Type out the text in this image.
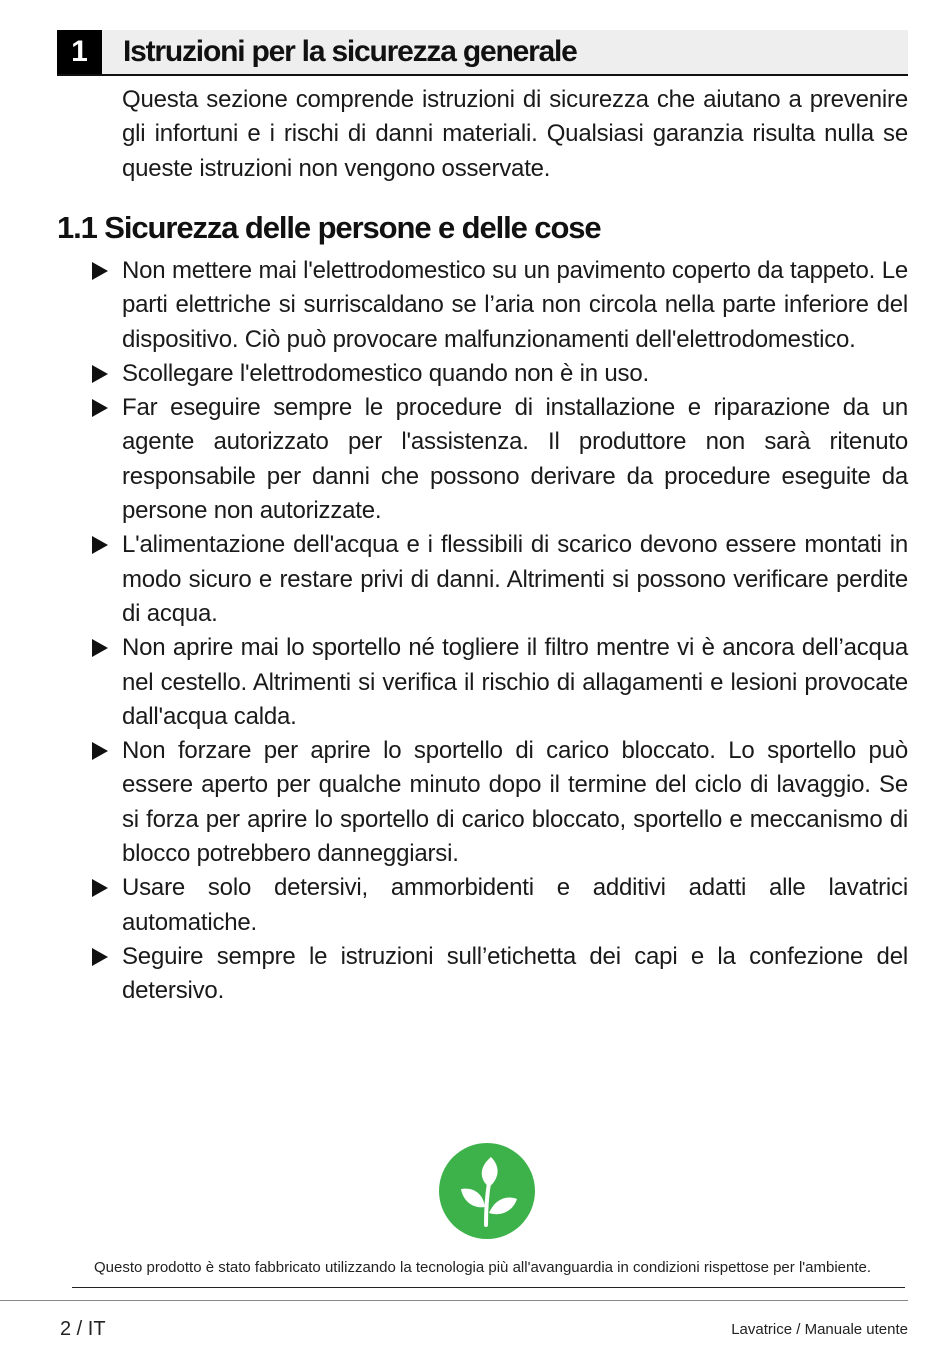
1	Istruzioni per la sicurezza generale

Questa sezione comprende istruzioni di sicurezza che aiutano a prevenire gli infortuni e i rischi di danni materiali. Qualsiasi garanzia risulta nulla se queste istruzioni non vengono osservate.

1.1 Sicurezza delle persone e delle cose
Non mettere mai l'elettrodomestico su un pavimento coperto da tappeto. Le parti elettriche si surriscaldano se l’aria non circola nella parte inferiore del dispositivo. Ciò può provocare malfunzionamenti dell'elettrodomestico.
Scollegare l'elettrodomestico quando non è in uso.
Far eseguire sempre le procedure di installazione e riparazione da un agente autorizzato per l'assistenza. Il produttore non sarà ritenuto responsabile per danni che possono derivare da procedure eseguite da persone non autorizzate.
L'alimentazione dell'acqua e i flessibili di scarico devono essere montati in modo sicuro e restare privi di danni. Altrimenti si possono verificare perdite di acqua.
Non aprire mai lo sportello né togliere il filtro mentre vi è ancora dell’acqua nel cestello. Altrimenti si verifica il rischio di allagamenti e lesioni provocate dall'acqua calda.
Non forzare per aprire lo sportello di carico bloccato. Lo sportello può essere aperto per qualche minuto dopo il termine del ciclo di lavaggio. Se si forza per aprire lo sportello di carico bloccato, sportello e meccanismo di blocco potrebbero danneggiarsi.
Usare solo detersivi, ammorbidenti e additivi adatti alle lavatrici automatiche.
Seguire sempre le istruzioni sull’etichetta dei capi e la confezione del detersivo.

Questo prodotto è stato fabbricato utilizzando la tecnologia più all'avanguardia in condizioni rispettose per l'ambiente.

2 / IT	Lavatrice / Manuale utente
